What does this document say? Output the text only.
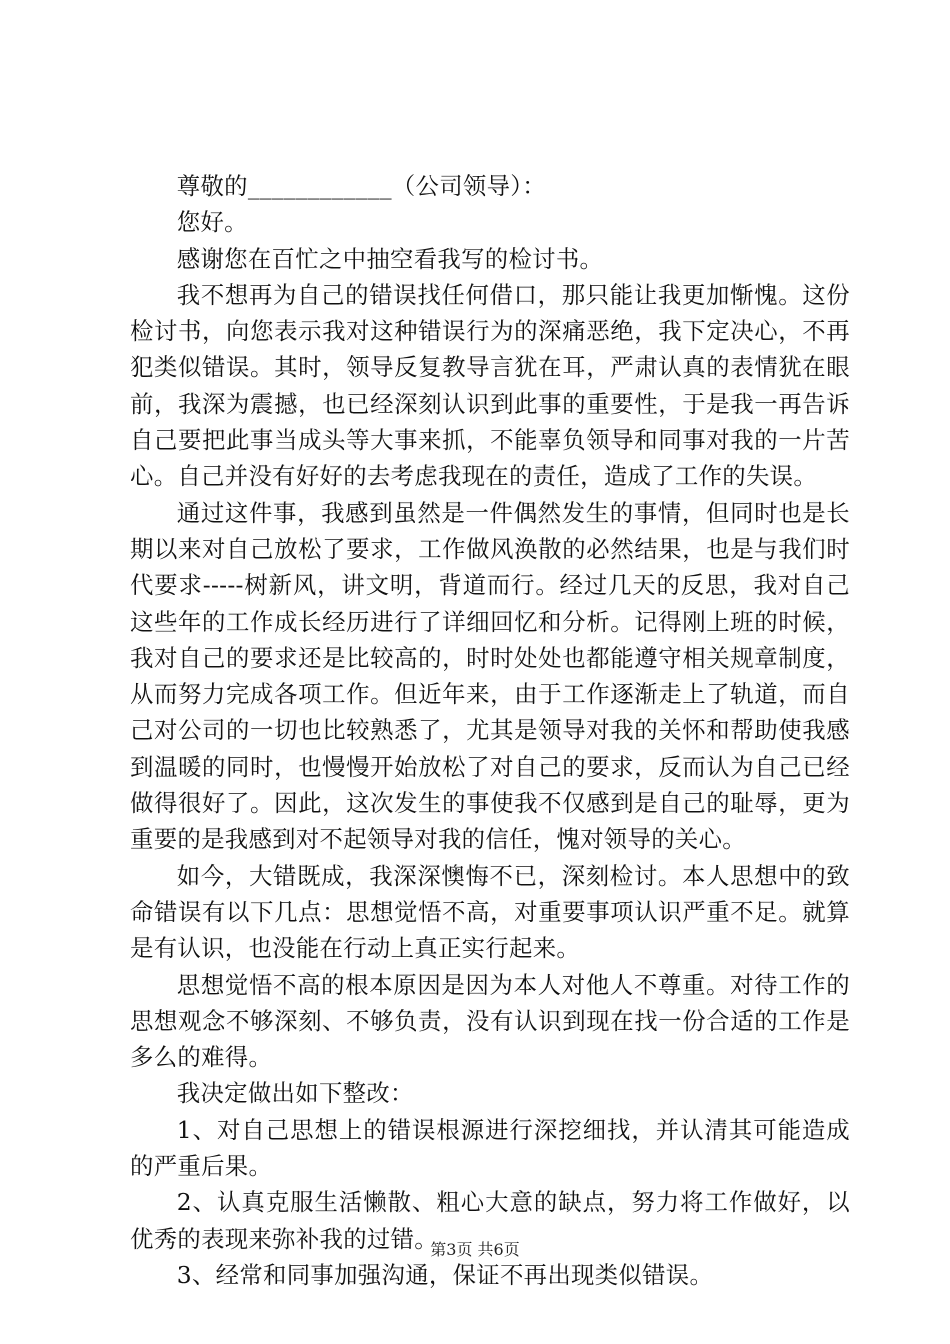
尊敬的____________（公司领导）：

您好。

感谢您在百忙之中抽空看我写的检讨书。

我不想再为自己的错误找任何借口，那只能让我更加惭愧。这份检讨书，向您表示我对这种错误行为的深痛恶绝，我下定决心，不再犯类似错误。其时，领导反复教导言犹在耳，严肃认真的表情犹在眼前，我深为震撼，也已经深刻认识到此事的重要性，于是我一再告诉自己要把此事当成头等大事来抓，不能辜负领导和同事对我的一片苦心。自己并没有好好的去考虑我现在的责任，造成了工作的失误。

通过这件事，我感到虽然是一件偶然发生的事情，但同时也是长期以来对自己放松了要求，工作做风涣散的必然结果，也是与我们时代要求-----树新风，讲文明，背道而行。经过几天的反思，我对自己这些年的工作成长经历进行了详细回忆和分析。记得刚上班的时候，我对自己的要求还是比较高的，时时处处也都能遵守相关规章制度，从而努力完成各项工作。但近年来，由于工作逐渐走上了轨道，而自己对公司的一切也比较熟悉了，尤其是领导对我的关怀和帮助使我感到温暖的同时，也慢慢开始放松了对自己的要求，反而认为自己已经做得很好了。因此，这次发生的事使我不仅感到是自己的耻辱，更为重要的是我感到对不起领导对我的信任，愧对领导的关心。

如今，大错既成，我深深懊悔不已，深刻检讨。本人思想中的致命错误有以下几点：思想觉悟不高，对重要事项认识严重不足。就算是有认识，也没能在行动上真正实行起来。

思想觉悟不高的根本原因是因为本人对他人不尊重。对待工作的思想观念不够深刻、不够负责，没有认识到现在找一份合适的工作是多么的难得。

我决定做出如下整改：

1、对自己思想上的错误根源进行深挖细找，并认清其可能造成的严重后果。

2、认真克服生活懒散、粗心大意的缺点，努力将工作做好，以优秀的表现来弥补我的过错。

3、经常和同事加强沟通，保证不再出现类似错误。

第3页 共6页
